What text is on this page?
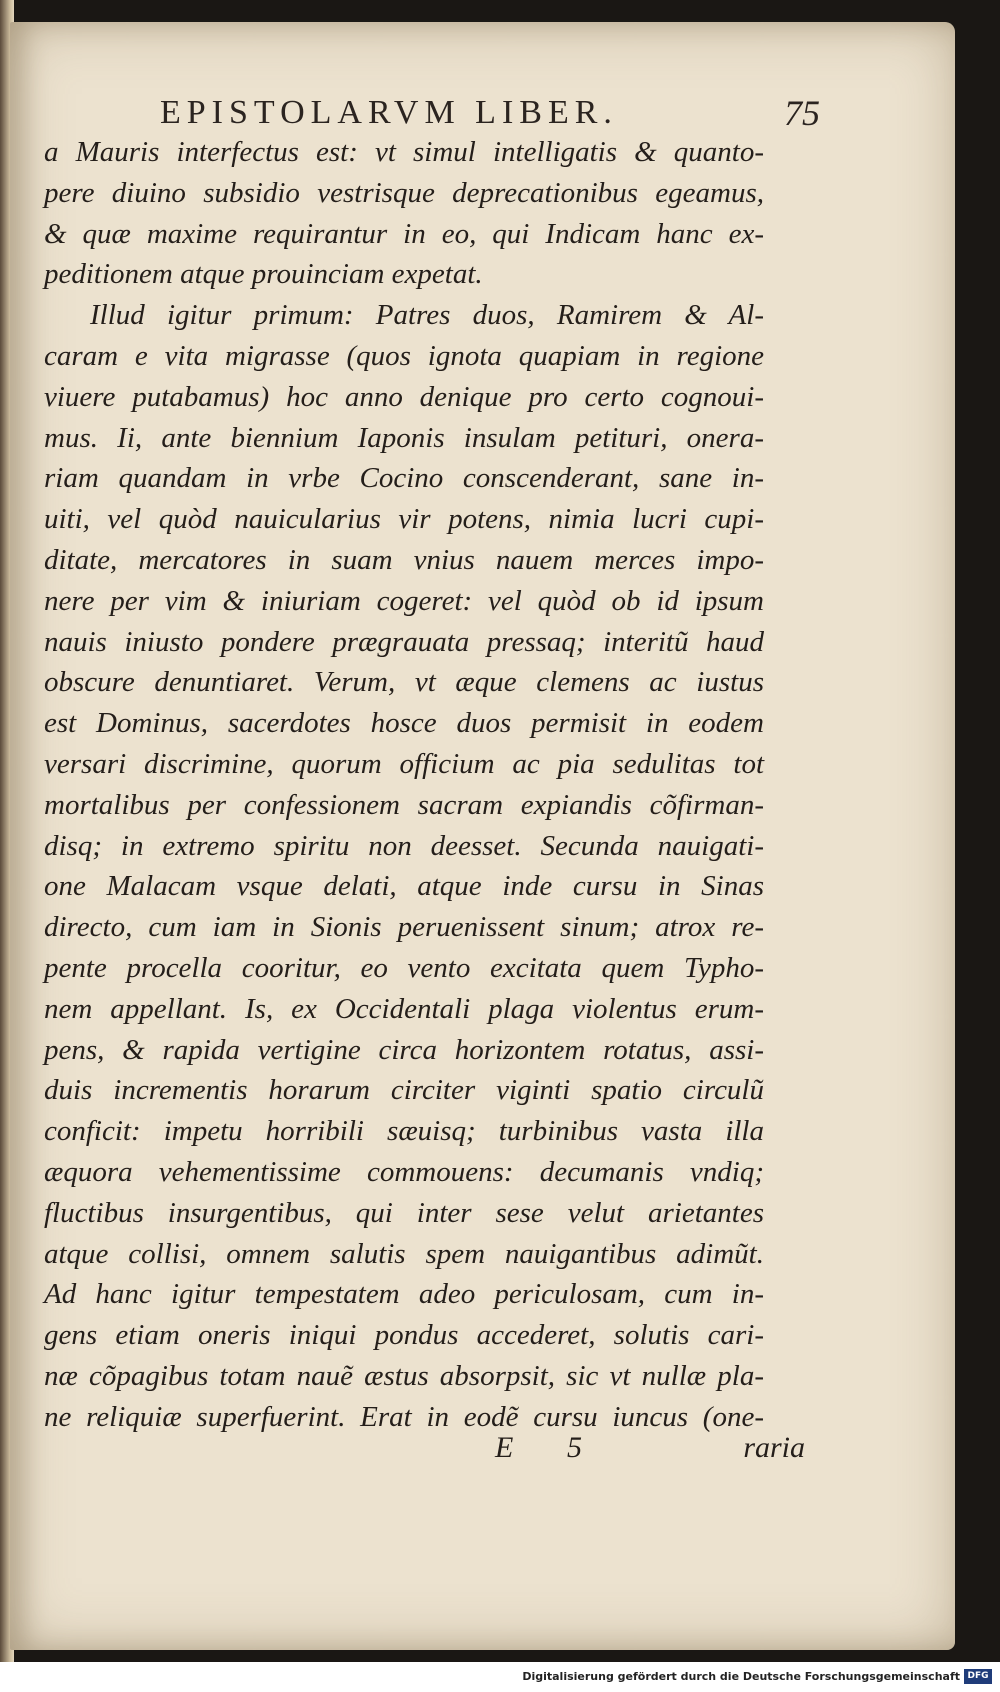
EPISTOLARVM LIBER.	75
a Mauris interfectus est: vt simul intelligatis & quanto-
pere diuino subsidio vestrisque deprecationibus egeamus,
& quæ maxime requirantur in eo, qui Indicam hanc ex-
peditionem atque prouinciam expetat.
Illud igitur primum: Patres duos, Ramirem & Al-
caram e vita migrasse (quos ignota quapiam in regione
viuere putabamus) hoc anno denique pro certo cognoui-
mus. Ii, ante biennium Iaponis insulam petituri, onera-
riam quandam in vrbe Cocino conscenderant, sane in-
uiti, vel quòd nauicularius vir potens, nimia lucri cupi-
ditate, mercatores in suam vnius nauem merces impo-
nere per vim & iniuriam cogeret: vel quòd ob id ipsum
nauis iniusto pondere prægrauata pressaq; interitũ haud
obscure denuntiaret. Verum, vt æque clemens ac iustus
est Dominus, sacerdotes hosce duos permisit in eodem
versari discrimine, quorum officium ac pia sedulitas tot
mortalibus per confessionem sacram expiandis cõfirman-
disq; in extremo spiritu non deesset. Secunda nauigati-
one Malacam vsque delati, atque inde cursu in Sinas
directo, cum iam in Sionis peruenissent sinum; atrox re-
pente procella cooritur, eo vento excitata quem Typho-
nem appellant. Is, ex Occidentali plaga violentus erum-
pens, & rapida vertigine circa horizontem rotatus, assi-
duis incrementis horarum circiter viginti spatio circulũ
conficit: impetu horribili sæuisq; turbinibus vasta illa
æquora vehementissime commouens: decumanis vndiq;
fluctibus insurgentibus, qui inter sese velut arietantes
atque collisi, omnem salutis spem nauigantibus adimũt.
Ad hanc igitur tempestatem adeo periculosam, cum in-
gens etiam oneris iniqui pondus accederet, solutis cari-
næ cõpagibus totam nauẽ æstus absorpsit, sic vt nullæ pla-
ne reliquiæ superfuerint. Erat in eodẽ cursu iuncus (one-
E 5	raria
Digitalisierung gefördert durch die Deutsche Forschungsgemeinschaft DFG
